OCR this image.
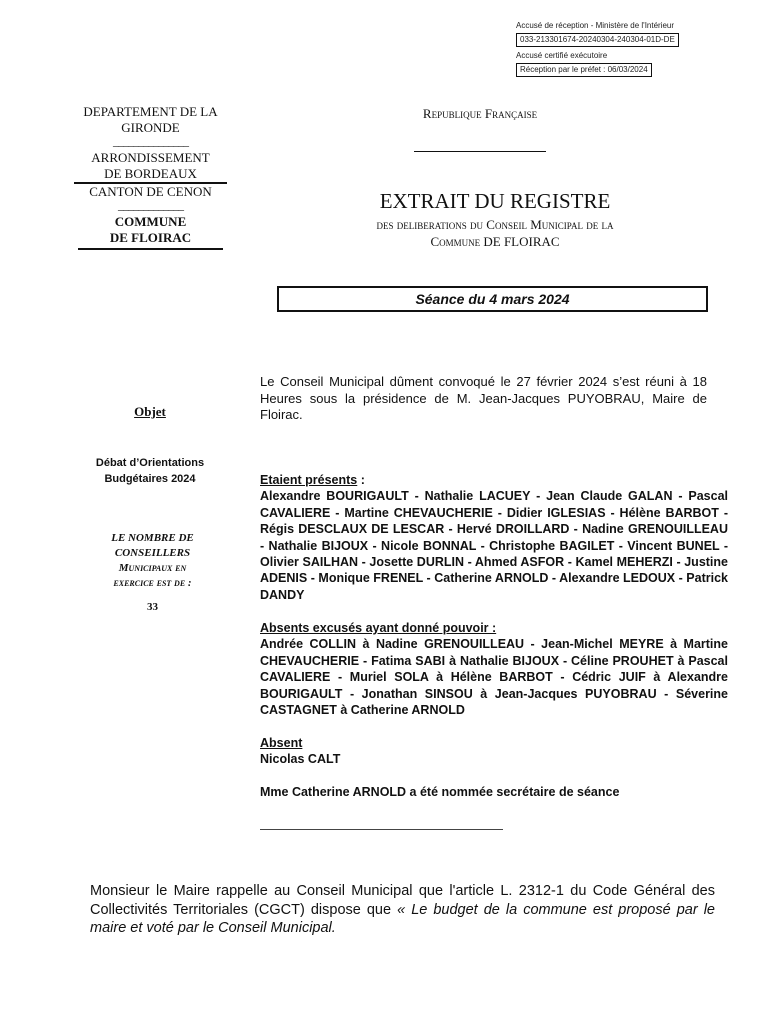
Accusé de réception - Ministère de l'Intérieur
033-213301674-20240304-240304-01D-DE
Accusé certifié exécutoire
Réception par le préfet : 06/03/2024
DEPARTEMENT DE LA GIRONDE
_______________
ARRONDISSEMENT
DE BORDEAUX
CANTON DE CENON
_____________
COMMUNE
DE FLOIRAC
Republique Française
EXTRAIT DU REGISTRE
des deliberations du Conseil Municipal de la
Commune DE FLOIRAC
Séance du 4 mars 2024
Objet
Débat d’Orientations
Budgétaires 2024
LE NOMBRE DE
CONSEILLERS
Municipaux en
exercice est de :
33
Le Conseil Municipal dûment convoqué le 27 février 2024 s’est réuni à 18 Heures sous la présidence de M. Jean-Jacques PUYOBRAU, Maire de Floirac.
Etaient présents :
Alexandre BOURIGAULT - Nathalie LACUEY - Jean Claude GALAN - Pascal CAVALIERE - Martine CHEVAUCHERIE - Didier IGLESIAS - Hélène BARBOT - Régis DESCLAUX DE LESCAR - Hervé DROILLARD - Nadine GRENOUILLEAU - Nathalie BIJOUX - Nicole BONNAL - Christophe BAGILET - Vincent BUNEL - Olivier SAILHAN - Josette DURLIN - Ahmed ASFOR - Kamel MEHERZI - Justine ADENIS - Monique FRENEL - Catherine ARNOLD - Alexandre LEDOUX - Patrick DANDY
Absents excusés ayant donné pouvoir :
Andrée COLLIN à Nadine GRENOUILLEAU - Jean-Michel MEYRE à Martine CHEVAUCHERIE - Fatima SABI à Nathalie BIJOUX - Céline PROUHET à Pascal CAVALIERE - Muriel SOLA à Hélène BARBOT - Cédric JUIF à Alexandre BOURIGAULT - Jonathan SINSOU à Jean-Jacques PUYOBRAU - Séverine CASTAGNET à Catherine ARNOLD
Absent
Nicolas CALT
Mme Catherine ARNOLD a été nommée secrétaire de séance
Monsieur le Maire rappelle au Conseil Municipal que l'article L. 2312-1 du Code Général des Collectivités Territoriales (CGCT) dispose que « Le budget de la commune est proposé par le maire et voté par le Conseil Municipal.
